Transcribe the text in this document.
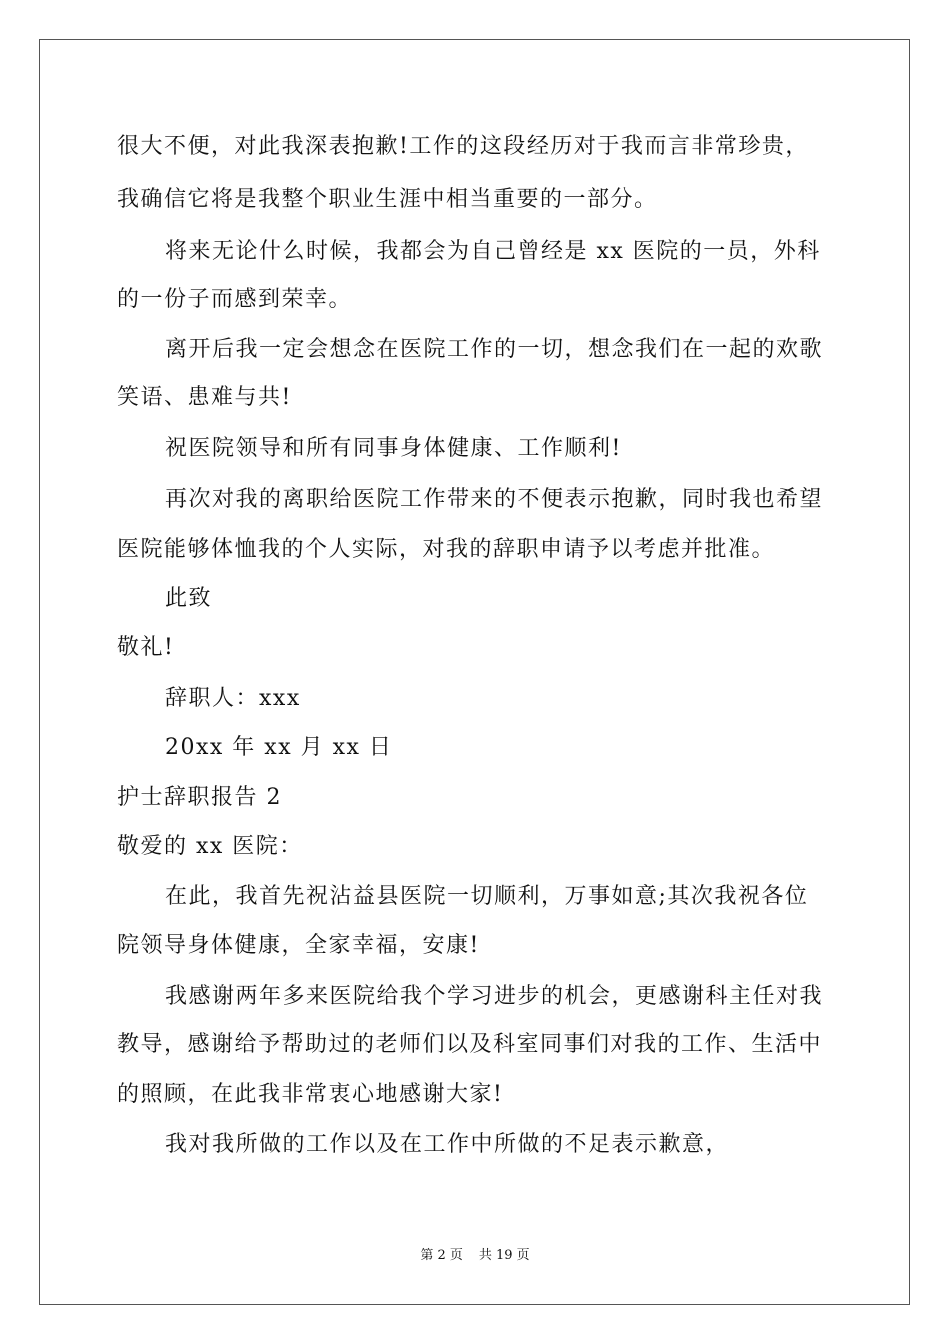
很大不便，对此我深表抱歉!工作的这段经历对于我而言非常珍贵，
我确信它将是我整个职业生涯中相当重要的一部分。
将来无论什么时候，我都会为自己曾经是 xx 医院的一员，外科
的一份子而感到荣幸。
离开后我一定会想念在医院工作的一切，想念我们在一起的欢歌
笑语、患难与共!
祝医院领导和所有同事身体健康、工作顺利!
再次对我的离职给医院工作带来的不便表示抱歉，同时我也希望
医院能够体恤我的个人实际，对我的辞职申请予以考虑并批准。
此致
敬礼!
辞职人：xxx
20xx 年 xx 月 xx 日
护士辞职报告 2
敬爱的 xx 医院：
在此，我首先祝沾益县医院一切顺利，万事如意;其次我祝各位
院领导身体健康，全家幸福，安康!
我感谢两年多来医院给我个学习进步的机会，更感谢科主任对我
教导，感谢给予帮助过的老师们以及科室同事们对我的工作、生活中
的照顾，在此我非常衷心地感谢大家!
我对我所做的工作以及在工作中所做的不足表示歉意，
第 2 页 共 19 页
